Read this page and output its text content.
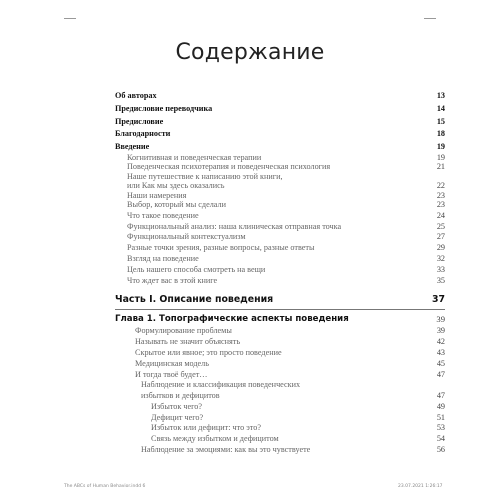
Содержание
Об авторах	13
Предисловие переводчика	14
Предисловие	15
Благодарности	18
Введение	19
Когнитивная и поведенческая терапии	19
Поведенческая психотерапия и поведенческая психология	21
Наше путешествие к написанию этой книги,
или Как мы здесь оказались	22
Наши намерения	23
Выбор, который мы сделали	23
Что такое поведение	24
Функциональный анализ: наша клиническая отправная точка	25
Функциональный контекстуализм	27
Разные точки зрения, разные вопросы, разные ответы	29
Взгляд на поведение	32
Цель нашего способа смотреть на вещи	33
Что ждет вас в этой книге	35
Часть I. Описание поведения	37
Глава 1. Топографические аспекты поведения	39
Формулирование проблемы	39
Называть не значит объяснять	42
Скрытое или явное; это просто поведение	43
Медицинская модель	45
И тогда твоё будет…	47
Наблюдение и классификация поведенческих
избытков и дефицитов	47
Избыток чего?	49
Дефицит чего?	51
Избыток или дефицит: что это?	53
Связь между избытком и дефицитом	54
Наблюдение за эмоциями: как вы это чувствуете	56
The ABCs of Human Behavior.indd 6	23.07.2021 1:26:17
